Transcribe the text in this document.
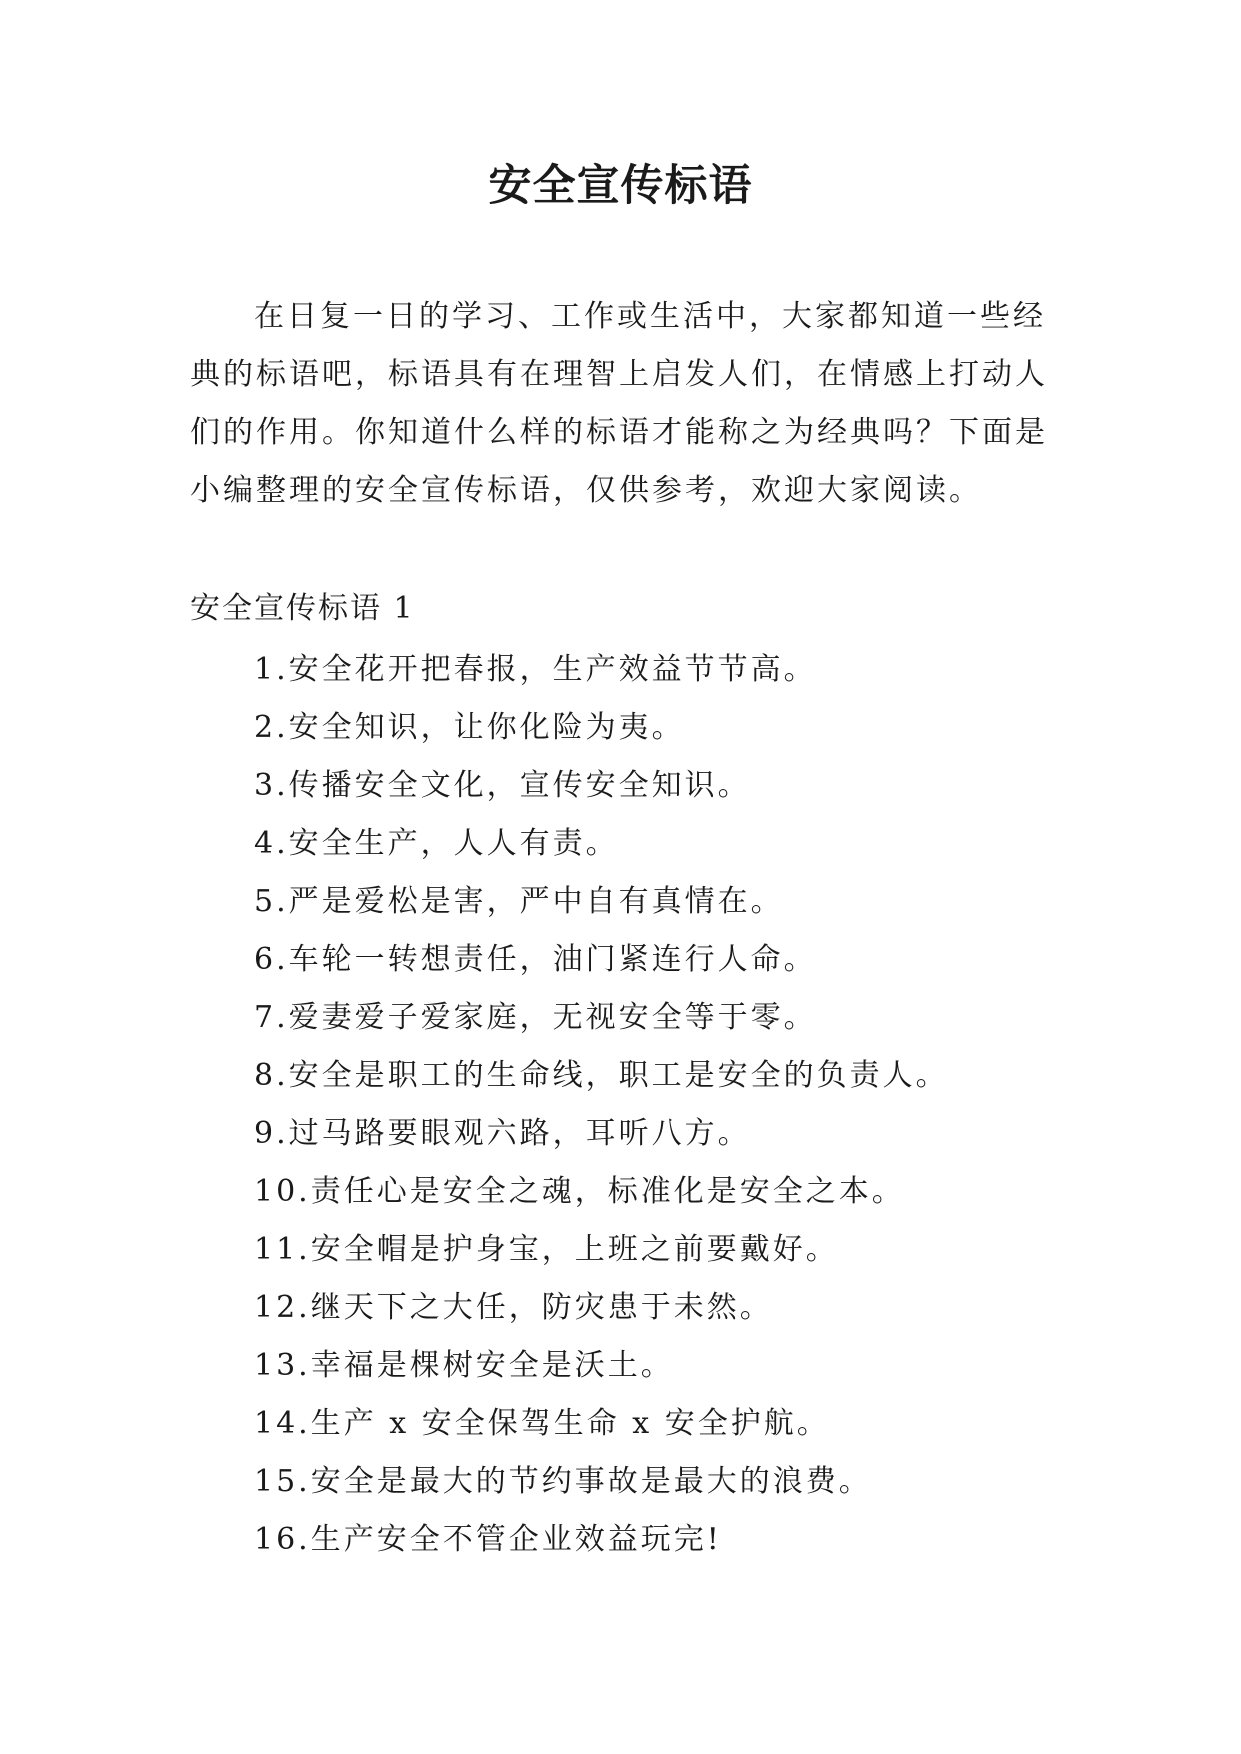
安全宣传标语

在日复一日的学习、工作或生活中，大家都知道一些经典的标语吧，标语具有在理智上启发人们，在情感上打动人们的作用。你知道什么样的标语才能称之为经典吗？下面是小编整理的安全宣传标语，仅供参考，欢迎大家阅读。

安全宣传标语 1
1.安全花开把春报，生产效益节节高。
2.安全知识，让你化险为夷。
3.传播安全文化，宣传安全知识。
4.安全生产，人人有责。
5.严是爱松是害，严中自有真情在。
6.车轮一转想责任，油门紧连行人命。
7.爱妻爱子爱家庭，无视安全等于零。
8.安全是职工的生命线，职工是安全的负责人。
9.过马路要眼观六路，耳听八方。
10.责任心是安全之魂，标准化是安全之本。
11.安全帽是护身宝，上班之前要戴好。
12.继天下之大任，防灾患于未然。
13.幸福是棵树安全是沃土。
14.生产 x 安全保驾生命 x 安全护航。
15.安全是最大的节约事故是最大的浪费。
16.生产安全不管企业效益玩完!
